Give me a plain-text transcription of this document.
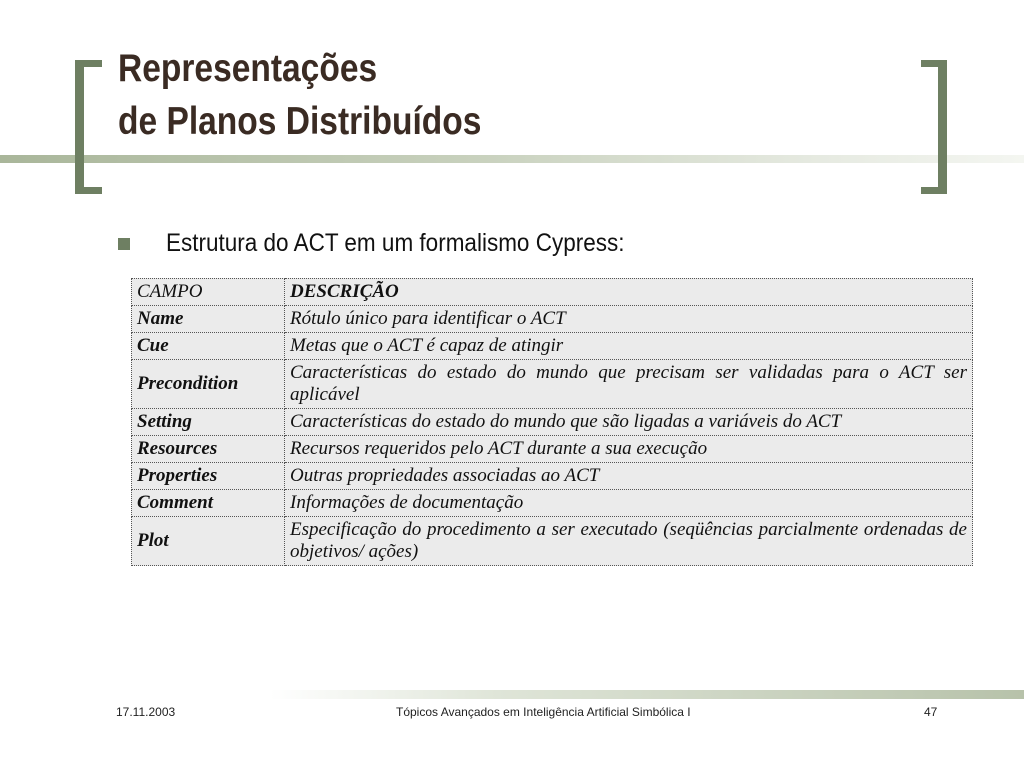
Representações
de Planos Distribuídos
Estrutura do ACT em um formalismo Cypress:
CAMPO	DESCRIÇÃO
Name	Rótulo único para identificar o ACT
Cue	Metas que o ACT é capaz de atingir
Precondition	Características do estado do mundo que precisam ser validadas para o ACT ser aplicável
Setting	Características do estado do mundo que são ligadas a variáveis do ACT
Resources	Recursos requeridos pelo ACT durante a sua execução
Properties	Outras propriedades associadas ao ACT
Comment	Informações de documentação
Plot	Especificação do procedimento a ser executado (seqüências parcialmente ordenadas de objetivos/ ações)
17.11.2003	Tópicos Avançados em Inteligência Artificial Simbólica I	47
